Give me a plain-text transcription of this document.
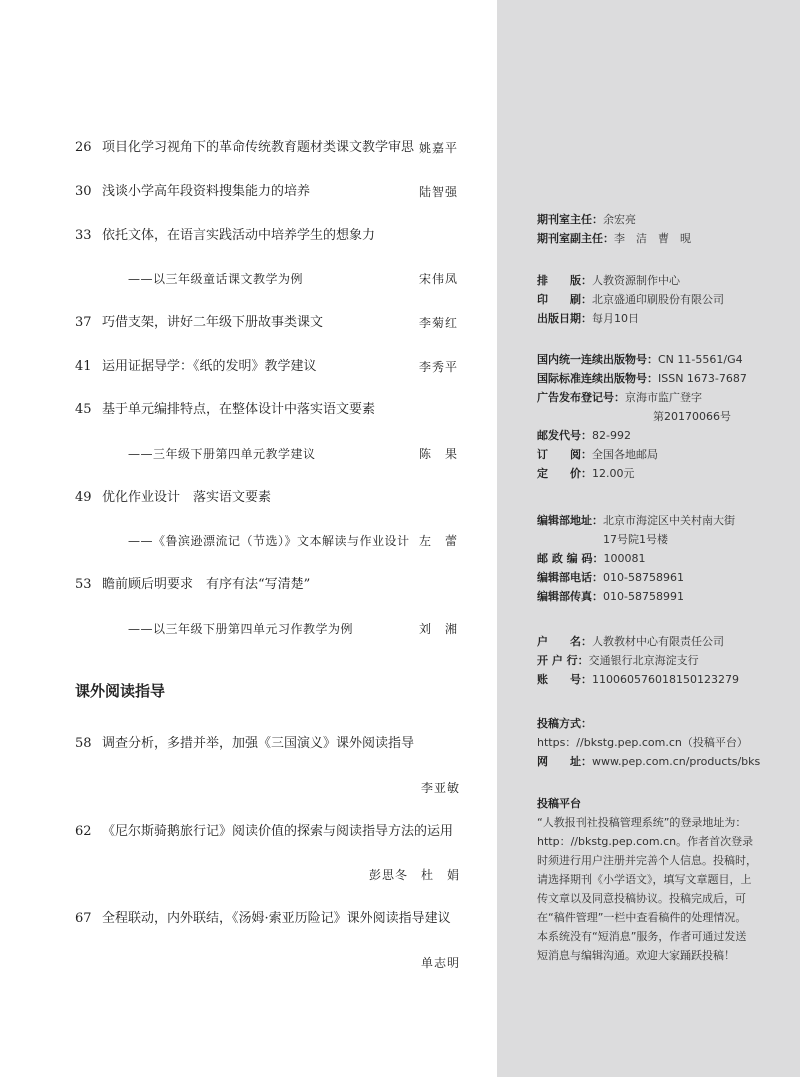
26 项目化学习视角下的革命传统教育题材类课文教学审思 姚嘉平
30 浅谈小学高年段资料搜集能力的培养	陆智强
33 依托文体，在语言实践活动中培养学生的想象力
——以三年级童话课文教学为例	宋伟凤
37 巧借支架，讲好二年级下册故事类课文	李菊红
41 运用证据导学：《纸的发明》教学建议	李秀平
45 基于单元编排特点，在整体设计中落实语文要素
——三年级下册第四单元教学建议	陈　果
49 优化作业设计　落实语文要素
——《鲁滨逊漂流记（节选）》文本解读与作业设计 左　蕾
53 瞻前顾后明要求　有序有法“写清楚”
——以三年级下册第四单元习作教学为例	刘　湘
课外阅读指导
58 调查分析，多措并举，加强《三国演义》课外阅读指导
李亚敏
62 《尼尔斯骑鹅旅行记》阅读价值的探索与阅读指导方法的运用
彭思冬　杜　娟
67 全程联动，内外联结，《汤姆·索亚历险记》课外阅读指导建议
单志明
期刊室主任：余宏亮
期刊室副主任：李　洁　曹　晛
排　　版：人教资源制作中心
印　　刷：北京盛通印刷股份有限公司
出版日期：每月10日
国内统一连续出版物号：CN 11-5561/G4
国际标准连续出版物号：ISSN 1673-7687
广告发布登记号：京海市监广登字
第20170066号
邮发代号：82-992
订　　阅：全国各地邮局
定　　价：12.00元
编辑部地址：北京市海淀区中关村南大街
17号院1号楼
邮 政 编 码：100081
编辑部电话：010-58758961
编辑部传真：010-58758991
户　　名：人教教材中心有限责任公司
开 户 行：交通银行北京海淀支行
账　　号：110060576018150123279
投稿方式：
https：//bkstg.pep.com.cn（投稿平台）
网　　址：www.pep.com.cn/products/bks
投稿平台
“人教报刊社投稿管理系统”的登录地址为：http：//bkstg.pep.com.cn。作者首次登录时须进行用户注册并完善个人信息。投稿时，请选择期刊《小学语文》，填写文章题目，上传文章以及同意投稿协议。投稿完成后，可在“稿件管理”一栏中查看稿件的处理情况。本系统没有“短消息”服务，作者可通过发送短消息与编辑沟通。欢迎大家踊跃投稿！
